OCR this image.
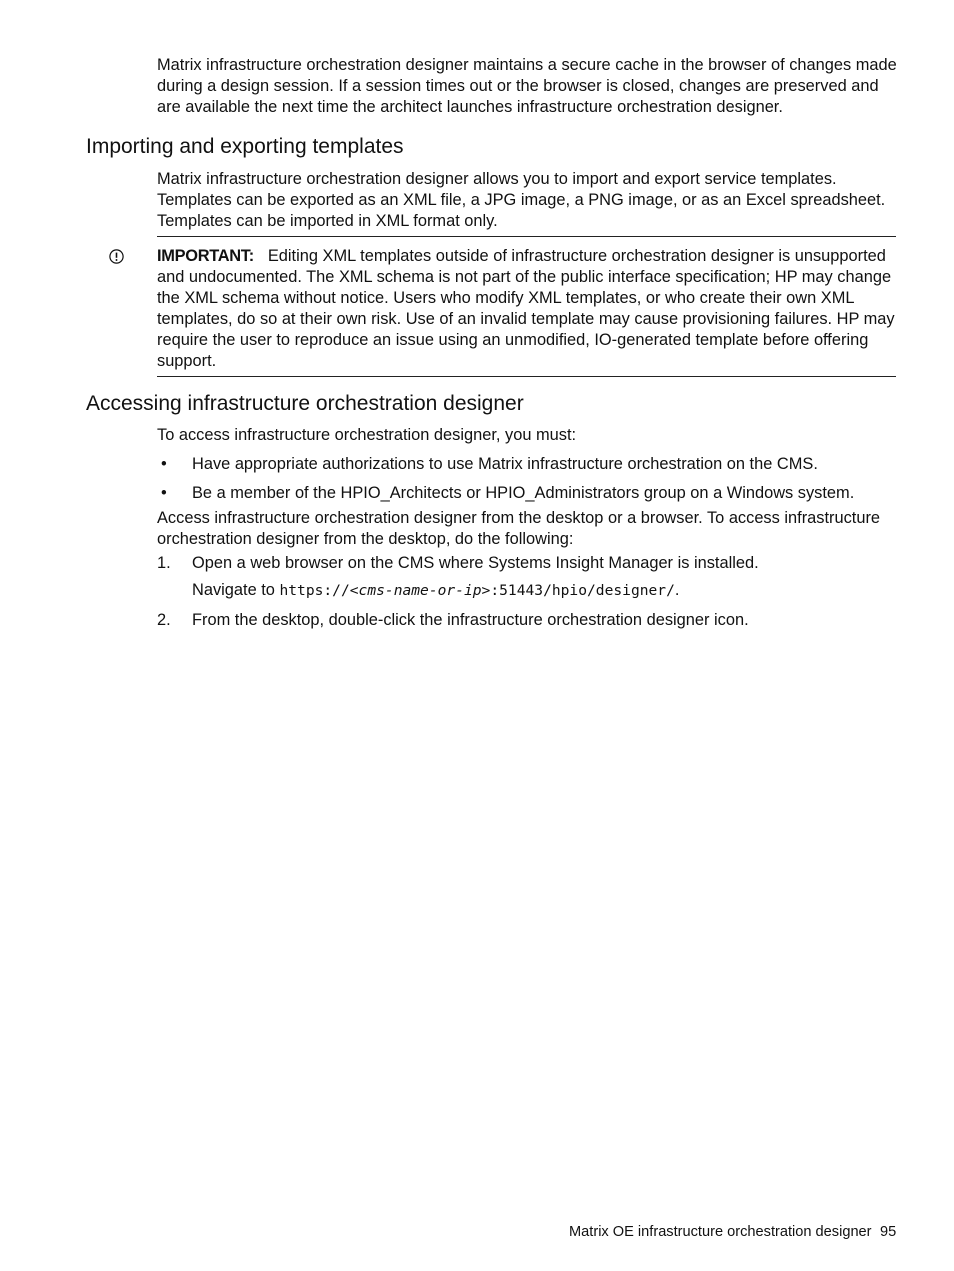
Matrix infrastructure orchestration designer maintains a secure cache in the browser of changes made during a design session. If a session times out or the browser is closed, changes are preserved and are available the next time the architect launches infrastructure orchestration designer.

Importing and exporting templates

Matrix infrastructure orchestration designer allows you to import and export service templates. Templates can be exported as an XML file, a JPG image, a PNG image, or as an Excel spreadsheet. Templates can be imported in XML format only.

IMPORTANT: Editing XML templates outside of infrastructure orchestration designer is unsupported and undocumented. The XML schema is not part of the public interface specification; HP may change the XML schema without notice. Users who modify XML templates, or who create their own XML templates, do so at their own risk. Use of an invalid template may cause provisioning failures. HP may require the user to reproduce an issue using an unmodified, IO-generated template before offering support.

Accessing infrastructure orchestration designer

To access infrastructure orchestration designer, you must:

• Have appropriate authorizations to use Matrix infrastructure orchestration on the CMS.
• Be a member of the HPIO_Architects or HPIO_Administrators group on a Windows system.

Access infrastructure orchestration designer from the desktop or a browser. To access infrastructure orchestration designer from the desktop, do the following:

1. Open a web browser on the CMS where Systems Insight Manager is installed.
Navigate to https://<cms-name-or-ip>:51443/hpio/designer/.
2. From the desktop, double-click the infrastructure orchestration designer icon.
Matrix OE infrastructure orchestration designer 95
